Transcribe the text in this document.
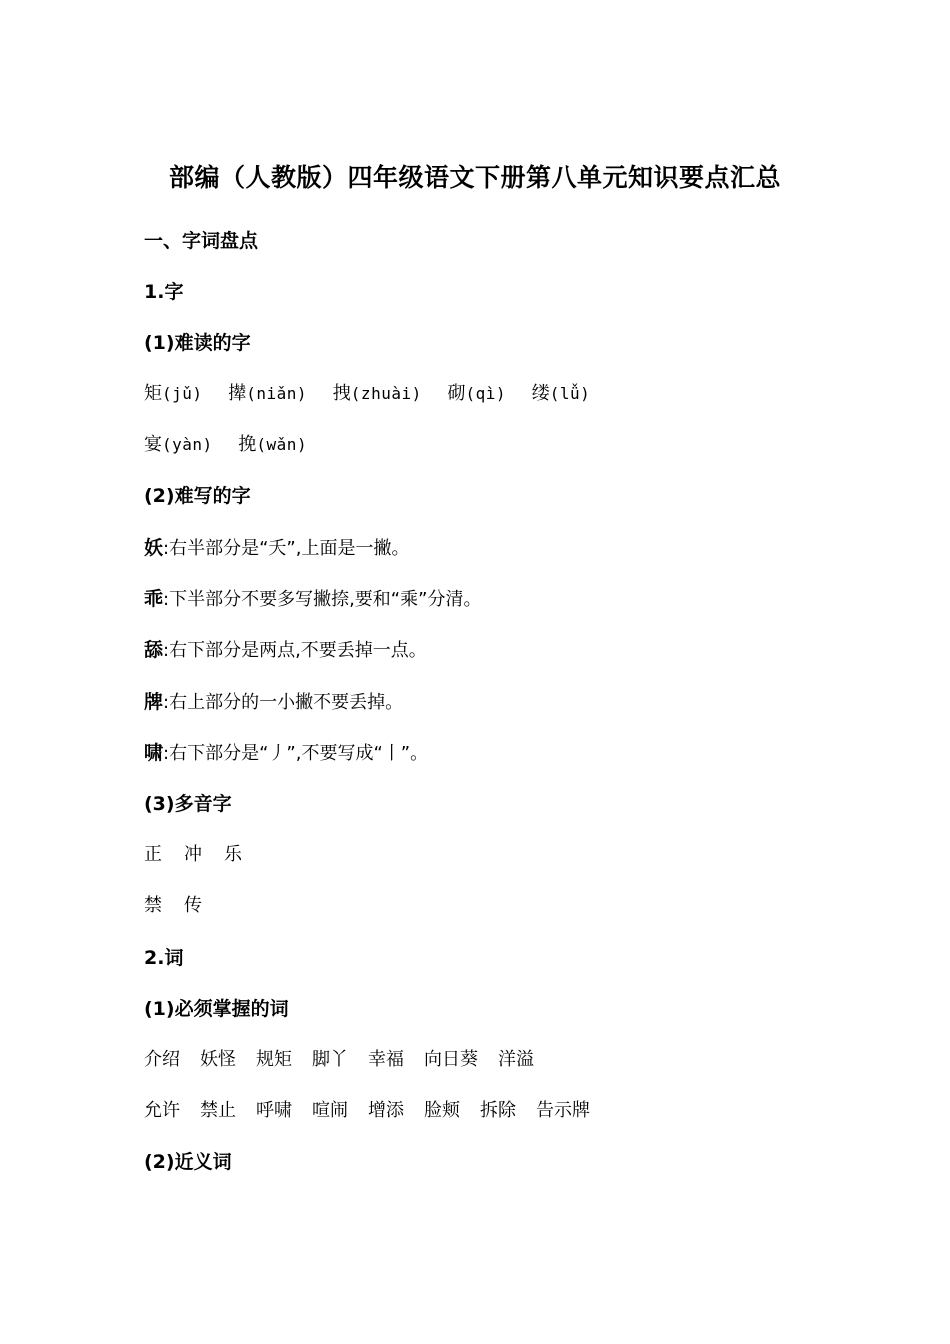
部编（人教版）四年级语文下册第八单元知识要点汇总
一、字词盘点
1.字
(1)难读的字
矩(jǔ) 撵(niǎn) 拽(zhuài) 砌(qì) 缕(lǚ)
宴(yàn) 挽(wǎn)
(2)难写的字
妖:右半部分是“夭”,上面是一撇。
乖:下半部分不要多写撇捺,要和“乘”分清。
舔:右下部分是两点,不要丢掉一点。
牌:右上部分的一小撇不要丢掉。
啸:右下部分是“丿”,不要写成“丨”。
(3)多音字
正 冲 乐
禁 传
2.词
(1)必须掌握的词
介绍 妖怪 规矩 脚丫 幸福 向日葵 洋溢
允许 禁止 呼啸 喧闹 增添 脸颊 拆除 告示牌
(2)近义词
